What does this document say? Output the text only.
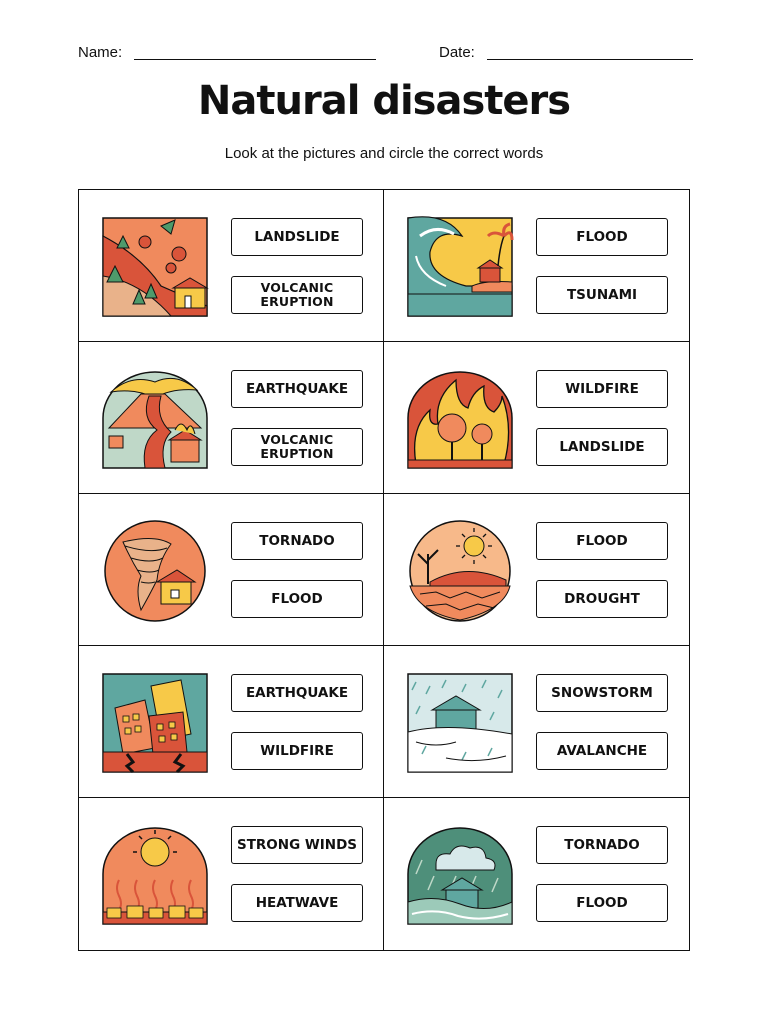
Name:	Date:
Natural disasters
Look at the pictures and circle the correct words
LANDSLIDE
VOLCANIC
ERUPTION
FLOOD
TSUNAMI
EARTHQUAKE
VOLCANIC
ERUPTION
WILDFIRE
LANDSLIDE
TORNADO
FLOOD
FLOOD
DROUGHT
EARTHQUAKE
WILDFIRE
SNOWSTORM
AVALANCHE
STRONG WINDS
HEATWAVE
TORNADO
FLOOD
